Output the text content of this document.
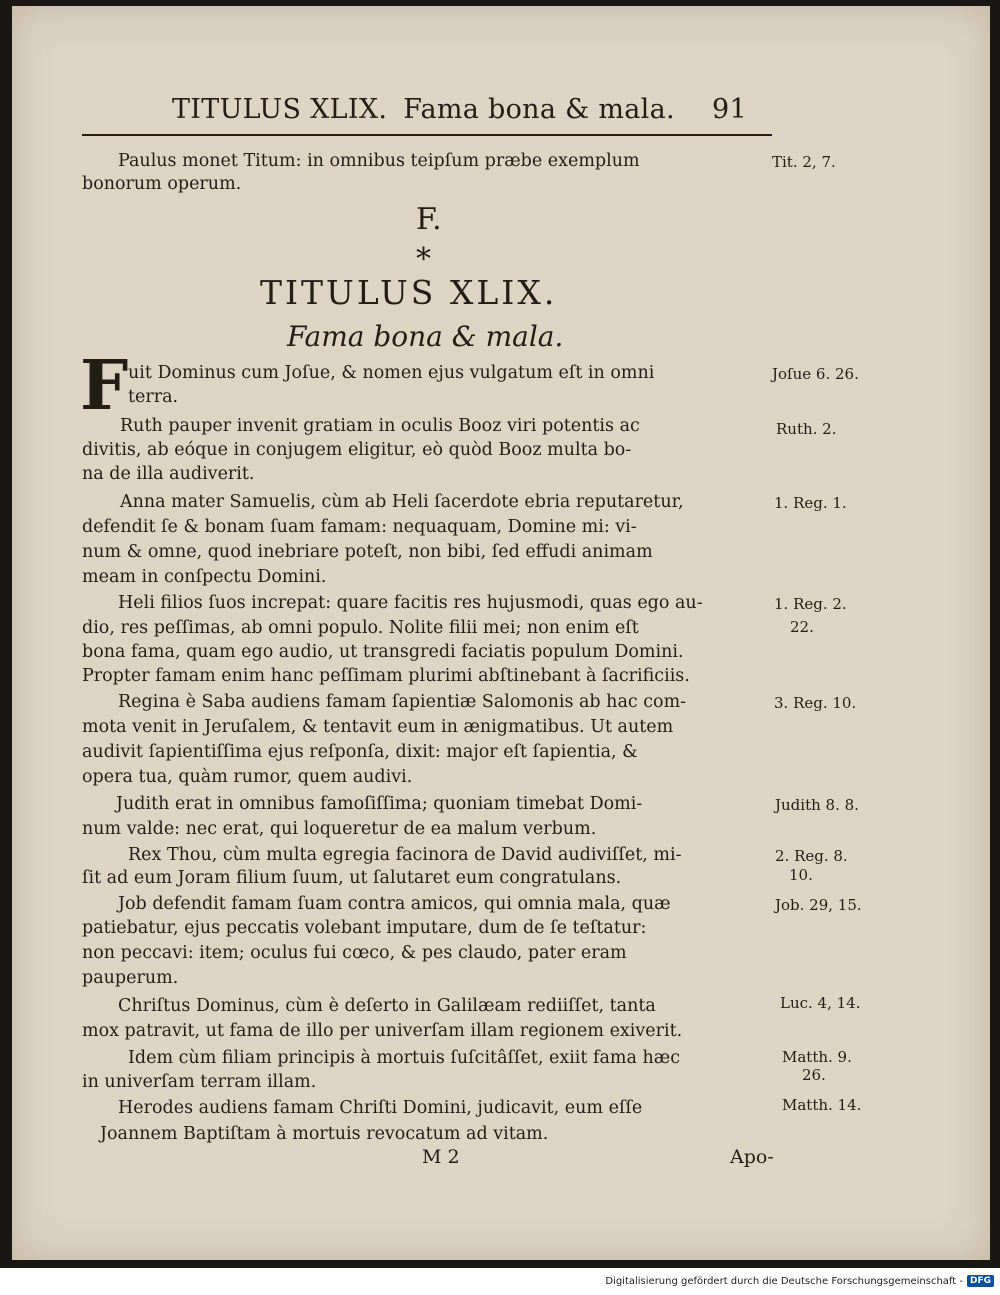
TITULUS XLIX. Fama bona & mala. 91
Paulus monet Titum: in omnibus teipſum præbe exemplum	Tit. 2, 7.
bonorum operum.
F.
*
TITULUS XLIX.
Fama bona & mala.
F uit Dominus cum Joſue, & nomen ejus vulgatum eſt in omni	Joſue 6. 26.
terra.
Ruth pauper invenit gratiam in oculis Booz viri potentis ac	Ruth. 2.
divitis, ab eóque in conjugem eligitur, eò quòd Booz multa bo-
na de illa audiverit.
Anna mater Samuelis, cùm ab Heli ſacerdote ebria reputaretur,	1. Reg. 1.
defendit ſe & bonam ſuam famam: nequaquam, Domine mi: vi-
num & omne, quod inebriare poteſt, non bibi, ſed effudi animam
meam in conſpectu Domini.
Heli filios ſuos increpat: quare facitis res hujusmodi, quas ego au-	1. Reg. 2.
dio, res peſſimas, ab omni populo. Nolite filii mei; non enim eſt	22.
bona fama, quam ego audio, ut transgredi faciatis populum Domini.
Propter famam enim hanc peſſimam plurimi abſtinebant à ſacrificiis.
Regina è Saba audiens famam ſapientiæ Salomonis ab hac com-	3. Reg. 10.
mota venit in Jeruſalem, & tentavit eum in ænigmatibus. Ut autem
audivit ſapientiſſima ejus reſponſa, dixit: major eſt ſapientia, &
opera tua, quàm rumor, quem audivi.
Judith erat in omnibus famoſiſſima; quoniam timebat Domi-	Judith 8. 8.
num valde: nec erat, qui loqueretur de ea malum verbum.
Rex Thou, cùm multa egregia facinora de David audiviſſet, mi-	2. Reg. 8.
ſit ad eum Joram filium ſuum, ut ſalutaret eum congratulans.	10.
Job defendit famam ſuam contra amicos, qui omnia mala, quæ	Job. 29, 15.
patiebatur, ejus peccatis volebant imputare, dum de ſe teſtatur:
non peccavi: item; oculus fui cœco, & pes claudo, pater eram
pauperum.
Chriſtus Dominus, cùm è deſerto in Galilæam rediiſſet, tanta	Luc. 4, 14.
mox patravit, ut fama de illo per univerſam illam regionem exiverit.
Idem cùm filiam principis à mortuis ſuſcitâſſet, exiit fama hæc	Matth. 9.
in univerſam terram illam.	26.
Herodes audiens famam Chriſti Domini, judicavit, eum eſſe	Matth. 14.
Joannem Baptiſtam à mortuis revocatum ad vitam.
M 2	Apo-
Digitalisierung gefördert durch die Deutsche Forschungsgemeinschaft - DFG
